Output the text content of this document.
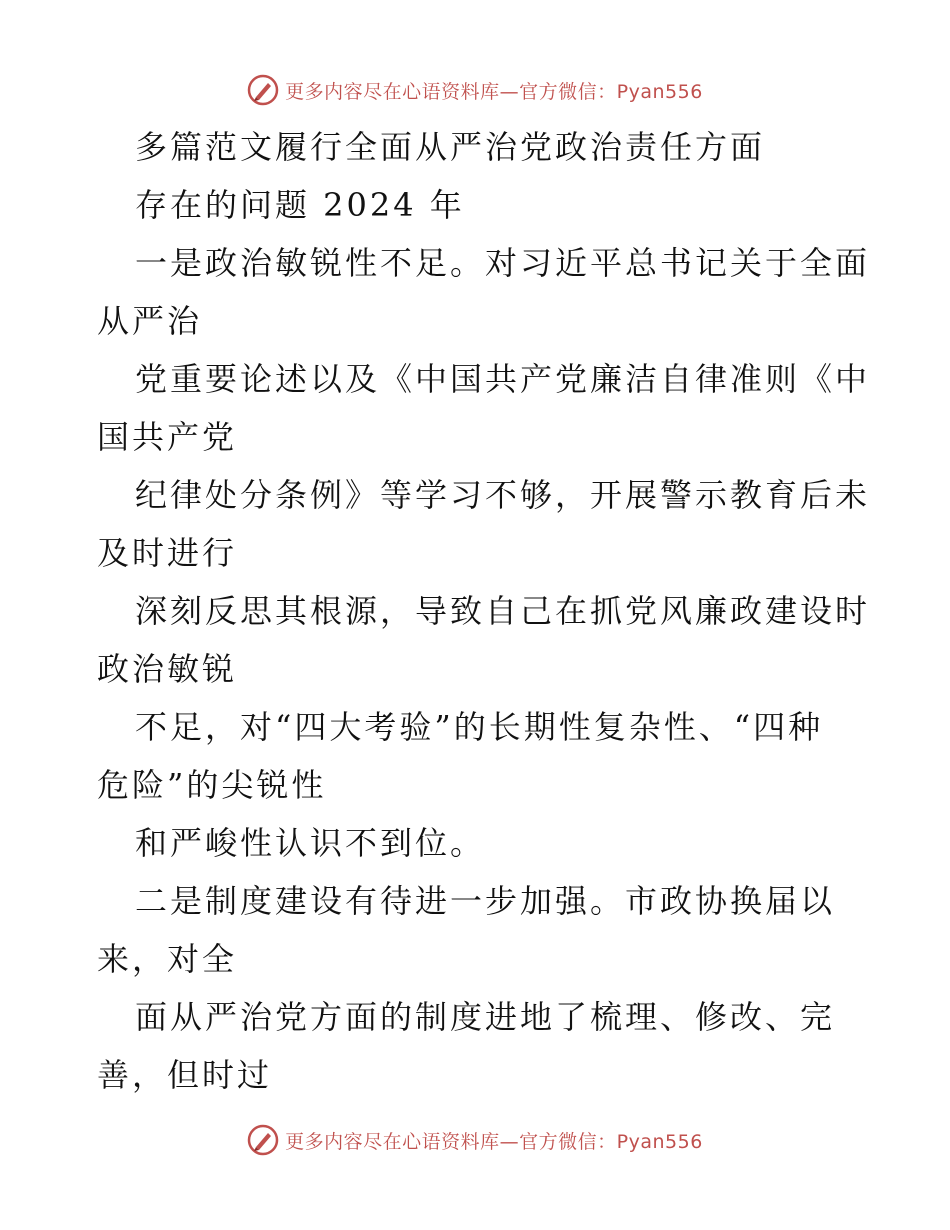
更多内容尽在心语资料库—官方微信：Pyan556
多篇范文履行全面从严治党政治责任方面
存在的问题 2024 年
一是政治敏锐性不足。对习近平总书记关于全面
从严治
党重要论述以及《中国共产党廉洁自律准则《中
国共产党
纪律处分条例》等学习不够，开展警示教育后未
及时进行
深刻反思其根源，导致自己在抓党风廉政建设时
政治敏锐
不足，对“四大考验”的长期性复杂性、“四种
危险”的尖锐性
和严峻性认识不到位。
二是制度建设有待进一步加强。市政协换届以
来，对全
面从严治党方面的制度进地了梳理、修改、完
善，但时过
更多内容尽在心语资料库—官方微信：Pyan556
